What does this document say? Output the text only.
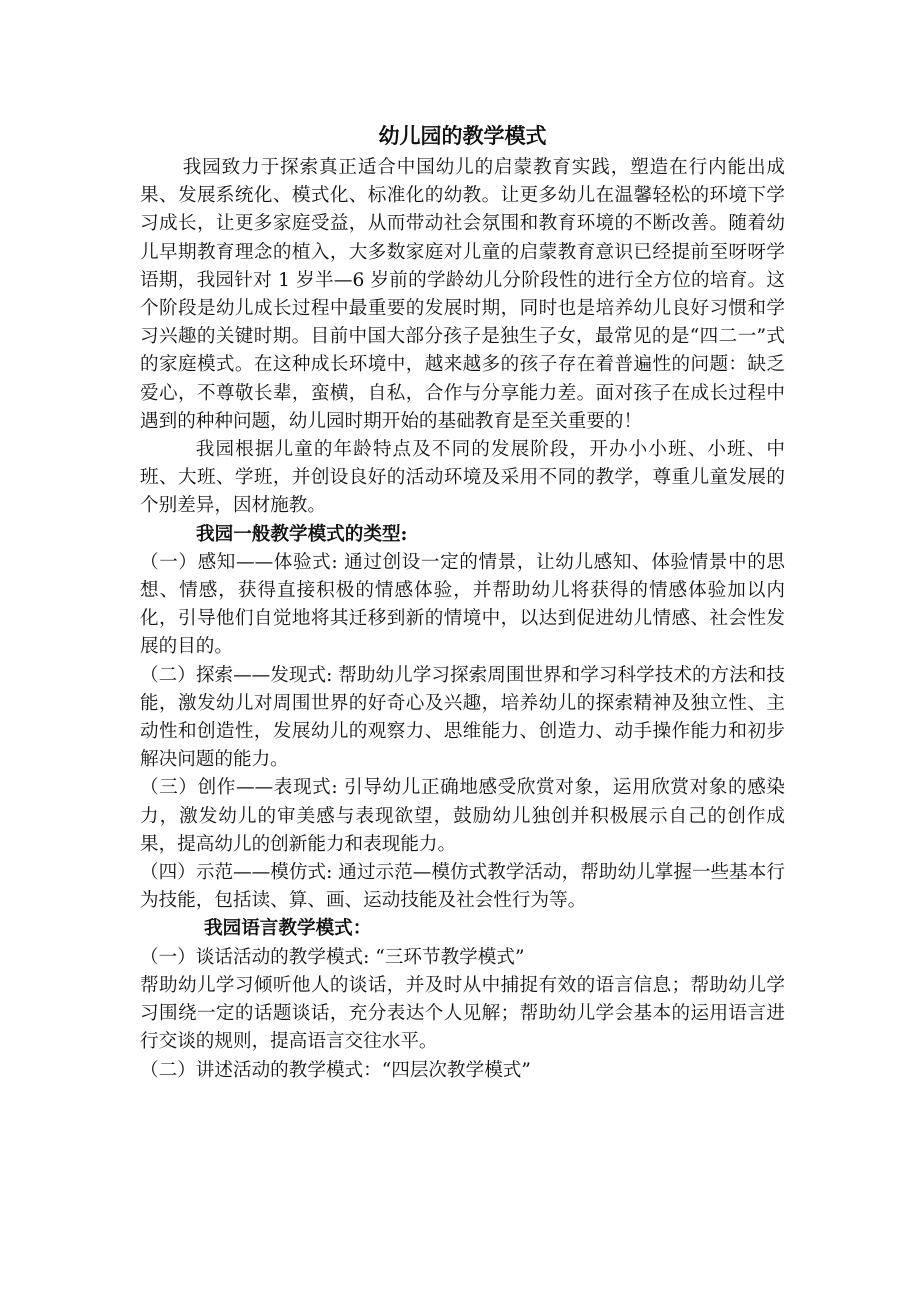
幼儿园的教学模式

我园致力于探索真正适合中国幼儿的启蒙教育实践，塑造在行内能出成果、发展系统化、模式化、标准化的幼教。让更多幼儿在温馨轻松的环境下学习成长，让更多家庭受益，从而带动社会氛围和教育环境的不断改善。随着幼儿早期教育理念的植入，大多数家庭对儿童的启蒙教育意识已经提前至呀呀学语期，我园针对 1 岁半—6 岁前的学龄幼儿分阶段性的进行全方位的培育。这个阶段是幼儿成长过程中最重要的发展时期，同时也是培养幼儿良好习惯和学习兴趣的关键时期。目前中国大部分孩子是独生子女，最常见的是“四二一”式的家庭模式。在这种成长环境中，越来越多的孩子存在着普遍性的问题：缺乏爱心，不尊敬长辈，蛮横，自私，合作与分享能力差。面对孩子在成长过程中遇到的种种问题，幼儿园时期开始的基础教育是至关重要的！

我园根据儿童的年龄特点及不同的发展阶段，开办小小班、小班、中班、大班、学班，并创设良好的活动环境及采用不同的教学，尊重儿童发展的个别差异，因材施教。

我园一般教学模式的类型:

（一）感知——体验式: 通过创设一定的情景，让幼儿感知、体验情景中的思想、情感，获得直接积极的情感体验，并帮助幼儿将获得的情感体验加以内化，引导他们自觉地将其迁移到新的情境中，以达到促进幼儿情感、社会性发展的目的。

（二）探索——发现式: 帮助幼儿学习探索周围世界和学习科学技术的方法和技能，激发幼儿对周围世界的好奇心及兴趣，培养幼儿的探索精神及独立性、主动性和创造性，发展幼儿的观察力、思维能力、创造力、动手操作能力和初步解决问题的能力。

（三）创作——表现式: 引导幼儿正确地感受欣赏对象，运用欣赏对象的感染力，激发幼儿的审美感与表现欲望，鼓励幼儿独创并积极展示自己的创作成果，提高幼儿的创新能力和表现能力。

（四）示范——模仿式: 通过示范—模仿式教学活动，帮助幼儿掌握一些基本行为技能，包括读、算、画、运动技能及社会性行为等。

我园语言教学模式：

（一）谈话活动的教学模式: “三环节教学模式”

帮助幼儿学习倾听他人的谈话，并及时从中捕捉有效的语言信息；帮助幼儿学习围绕一定的话题谈话，充分表达个人见解；帮助幼儿学会基本的运用语言进行交谈的规则，提高语言交往水平。

（二）讲述活动的教学模式：“四层次教学模式”
